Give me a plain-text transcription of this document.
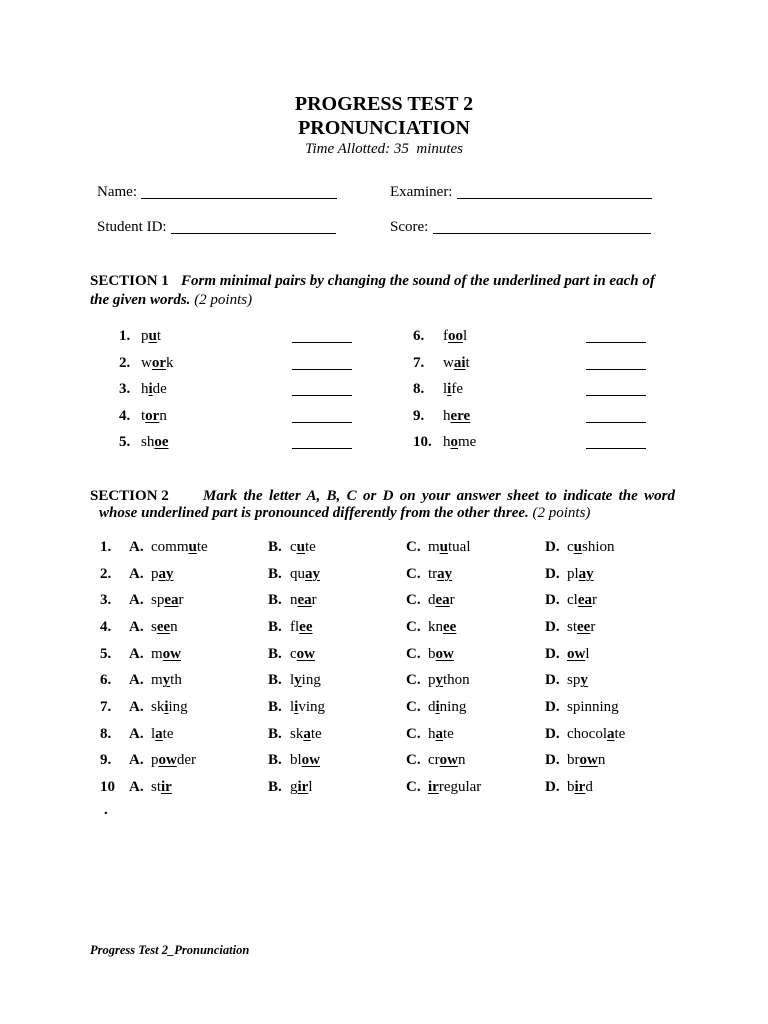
PROGRESS TEST 2
PRONUNCIATION
Time Allotted: 35  minutes
Name:	Examiner:
Student ID:	Score:
SECTION 1 Form minimal pairs by changing the sound of the underlined part in each of
the given words. (2 points)
1. put
2. work
3. hide
4. torn
5. shoe
6. fool
7. wait
8. life
9. here
10. home
SECTION 2 Mark the letter A, B, C or D on your answer sheet to indicate the word
whose underlined part is pronounced differently from the other three. (2 points)
1. A. commute	B. cute	C. mutual	D. cushion
2. A. pay	B. quay	C. tray	D. play
3. A. spear	B. near	C. dear	D. clear
4. A. seen	B. flee	C. knee	D. steer
5. A. mow	B. cow	C. bow	D. owl
6. A. myth	B. lying	C. python	D. spy
7. A. skiing	B. living	C. dining	D. spinning
8. A. late	B. skate	C. hate	D. chocolate
9. A. powder	B. blow	C. crown	D. brown
10 A. stir	B. girl	C. irregular	D. bird
.
Progress Test 2_Pronunciation
